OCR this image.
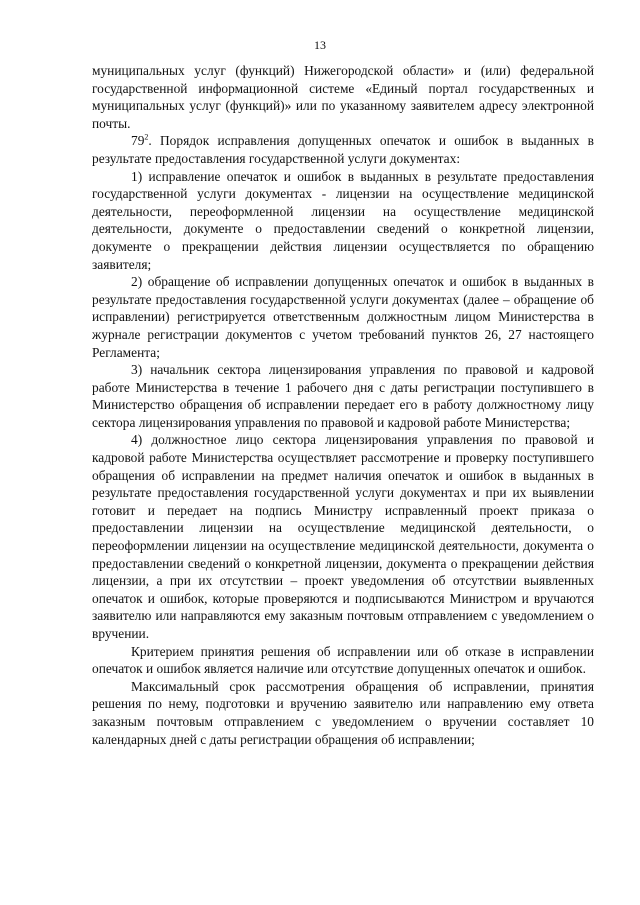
13

муниципальных услуг (функций) Нижегородской области» и (или) федеральной государственной информационной системе «Единый портал государственных и муниципальных услуг (функций)» или по указанному заявителем адресу электронной почты.

$79^2$. Порядок исправления допущенных опечаток и ошибок в выданных в результате предоставления государственной услуги документах:

1) исправление опечаток и ошибок в выданных в результате предоставления государственной услуги документах - лицензии на осуществление медицинской деятельности, переоформленной лицензии на осуществление медицинской деятельности, документе о предоставлении сведений о конкретной лицензии, документе о прекращении действия лицензии осуществляется по обращению заявителя;

2) обращение об исправлении допущенных опечаток и ошибок в выданных в результате предоставления государственной услуги документах (далее – обращение об исправлении) регистрируется ответственным должностным лицом Министерства в журнале регистрации документов с учетом требований пунктов 26, 27 настоящего Регламента;

3) начальник сектора лицензирования управления по правовой и кадровой работе Министерства в течение 1 рабочего дня с даты регистрации поступившего в Министерство обращения об исправлении передает его в работу должностному лицу сектора лицензирования управления по правовой и кадровой работе Министерства;

4) должностное лицо сектора лицензирования управления по правовой и кадровой работе Министерства осуществляет рассмотрение и проверку поступившего обращения об исправлении на предмет наличия опечаток и ошибок в выданных в результате предоставления государственной услуги документах и при их выявлении готовит и передает на подпись Министру исправленный проект приказа о предоставлении лицензии на осуществление медицинской деятельности, о переоформлении лицензии на осуществление медицинской деятельности, документа о предоставлении сведений о конкретной лицензии, документа о прекращении действия лицензии, а при их отсутствии – проект уведомления об отсутствии выявленных опечаток и ошибок, которые проверяются и подписываются Министром и вручаются заявителю или направляются ему заказным почтовым отправлением с уведомлением о вручении.

Критерием принятия решения об исправлении или об отказе в исправлении опечаток и ошибок является наличие или отсутствие допущенных опечаток и ошибок.

Максимальный срок рассмотрения обращения об исправлении, принятия решения по нему, подготовки и вручению заявителю или направлению ему ответа заказным почтовым отправлением с уведомлением о вручении составляет 10 календарных дней с даты регистрации обращения об исправлении;
